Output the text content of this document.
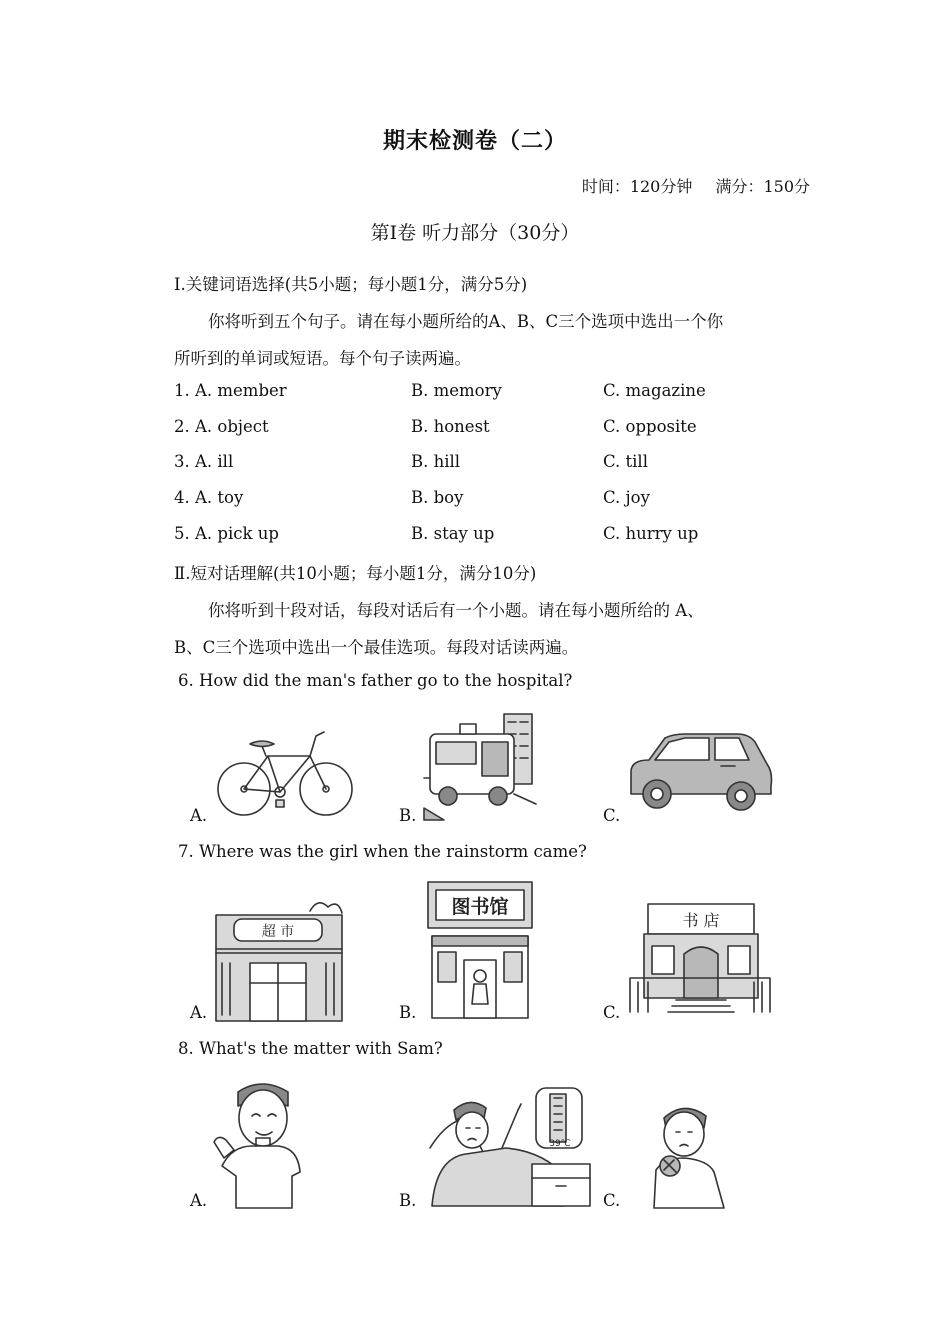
期末检测卷（二）
时间：120分钟 满分：150分
第Ⅰ卷 听力部分（30分）
Ⅰ.关键词语选择(共5小题；每小题1分，满分5分)
你将听到五个句子。请在每小题所给的A、B、C三个选项中选出一个你
所听到的单词或短语。每个句子读两遍。
1. A. member	B. memory	C. magazine
2. A. object	B. honest	C. opposite
3. A. ill	B. hill	C. till
4. A. toy	B. boy	C. joy
5. A. pick up	B. stay up	C. hurry up
Ⅱ.短对话理解(共10小题；每小题1分，满分10分)
你将听到十段对话，每段对话后有一个小题。请在每小题所给的 A、
B、C三个选项中选出一个最佳选项。每段对话读两遍。
6. How did the man's father go to the hospital?
A.	B.	C.
7. Where was the girl when the rainstorm came?
A.	B.	C.
超 市
图书馆
书 店
8. What's the matter with Sam?
A.	B.	C.
39℃
